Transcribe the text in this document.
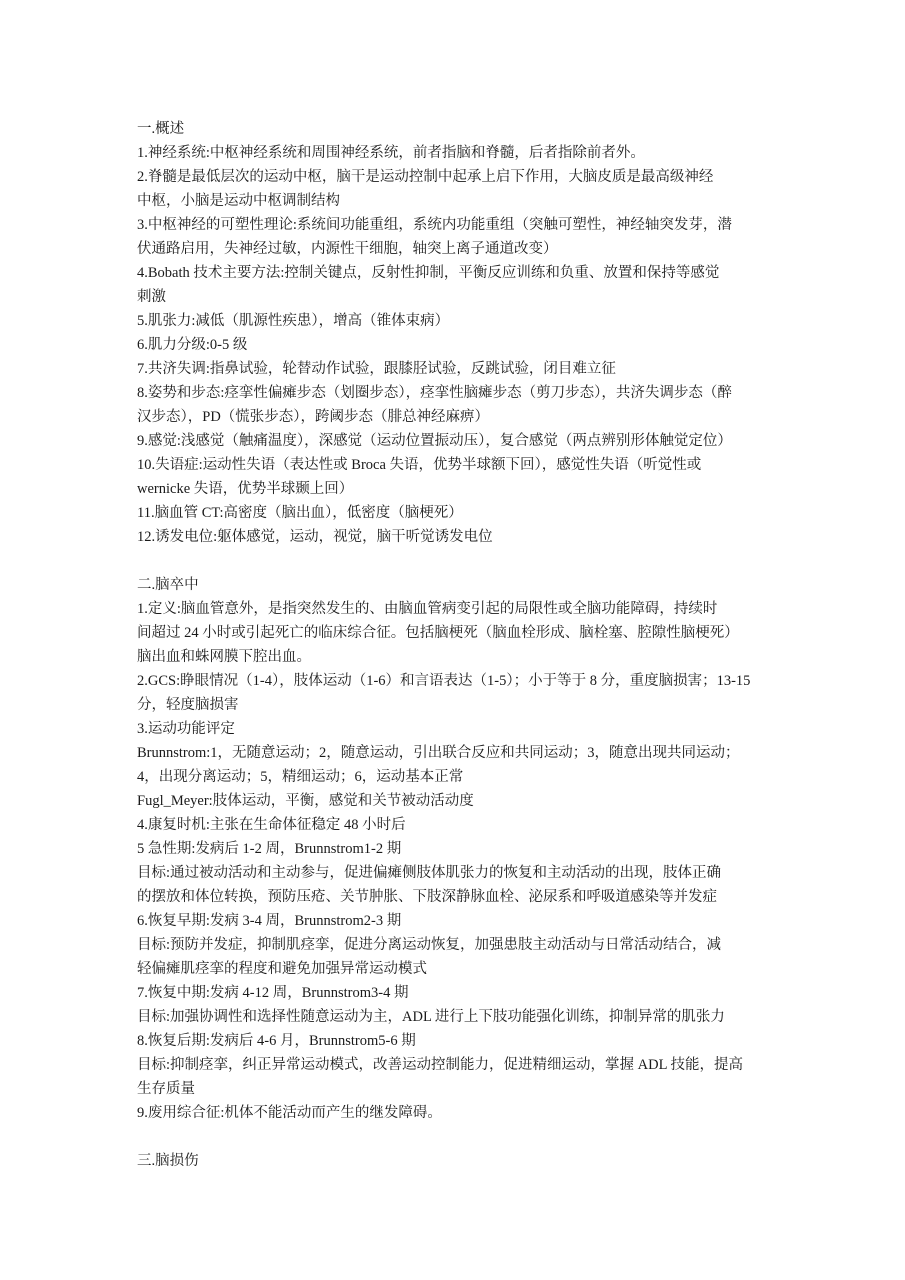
一.概述
1.神经系统:中枢神经系统和周围神经系统，前者指脑和脊髓，后者指除前者外。
2.脊髓是最低层次的运动中枢，脑干是运动控制中起承上启下作用，大脑皮质是最高级神经
中枢，小脑是运动中枢调制结构
3.中枢神经的可塑性理论:系统间功能重组，系统内功能重组（突触可塑性，神经轴突发芽，潜
伏通路启用，失神经过敏，内源性干细胞，轴突上离子通道改变）
4.Bobath 技术主要方法:控制关键点，反射性抑制，平衡反应训练和负重、放置和保持等感觉
刺激
5.肌张力:减低（肌源性疾患），增高（锥体束病）
6.肌力分级:0-5 级
7.共济失调:指鼻试验，轮替动作试验，跟膝胫试验，反跳试验，闭目难立征
8.姿势和步态:痉挛性偏瘫步态（划圈步态），痉挛性脑瘫步态（剪刀步态），共济失调步态（醉
汉步态），PD（慌张步态），跨阈步态（腓总神经麻痹）
9.感觉:浅感觉（触痛温度），深感觉（运动位置振动压），复合感觉（两点辨别形体触觉定位）
10.失语症:运动性失语（表达性或 Broca 失语，优势半球额下回），感觉性失语（听觉性或
wernicke 失语，优势半球颞上回）
11.脑血管 CT:高密度（脑出血），低密度（脑梗死）
12.诱发电位:躯体感觉，运动，视觉，脑干听觉诱发电位
二.脑卒中
1.定义:脑血管意外，是指突然发生的、由脑血管病变引起的局限性或全脑功能障碍，持续时
间超过 24 小时或引起死亡的临床综合征。包括脑梗死（脑血栓形成、脑栓塞、腔隙性脑梗死）
脑出血和蛛网膜下腔出血。
2.GCS:睁眼情况（1-4），肢体运动（1-6）和言语表达（1-5）；小于等于 8 分，重度脑损害；13-15
分，轻度脑损害
3.运动功能评定
Brunnstrom:1，无随意运动；2，随意运动，引出联合反应和共同运动；3，随意出现共同运动；
4，出现分离运动；5，精细运动；6，运动基本正常
Fugl_Meyer:肢体运动，平衡，感觉和关节被动活动度
4.康复时机:主张在生命体征稳定 48 小时后
5 急性期:发病后 1-2 周，Brunnstrom1-2 期
目标:通过被动活动和主动参与，促进偏瘫侧肢体肌张力的恢复和主动活动的出现，肢体正确
的摆放和体位转换，预防压疮、关节肿胀、下肢深静脉血栓、泌尿系和呼吸道感染等并发症
6.恢复早期:发病 3-4 周，Brunnstrom2-3 期
目标:预防并发症，抑制肌痉挛，促进分离运动恢复，加强患肢主动活动与日常活动结合，减
轻偏瘫肌痉挛的程度和避免加强异常运动模式
7.恢复中期:发病 4-12 周，Brunnstrom3-4 期
目标:加强协调性和选择性随意运动为主，ADL 进行上下肢功能强化训练，抑制异常的肌张力
8.恢复后期:发病后 4-6 月，Brunnstrom5-6 期
目标:抑制痉挛，纠正异常运动模式，改善运动控制能力，促进精细运动，掌握 ADL 技能，提高
生存质量
9.废用综合征:机体不能活动而产生的继发障碍。
三.脑损伤
